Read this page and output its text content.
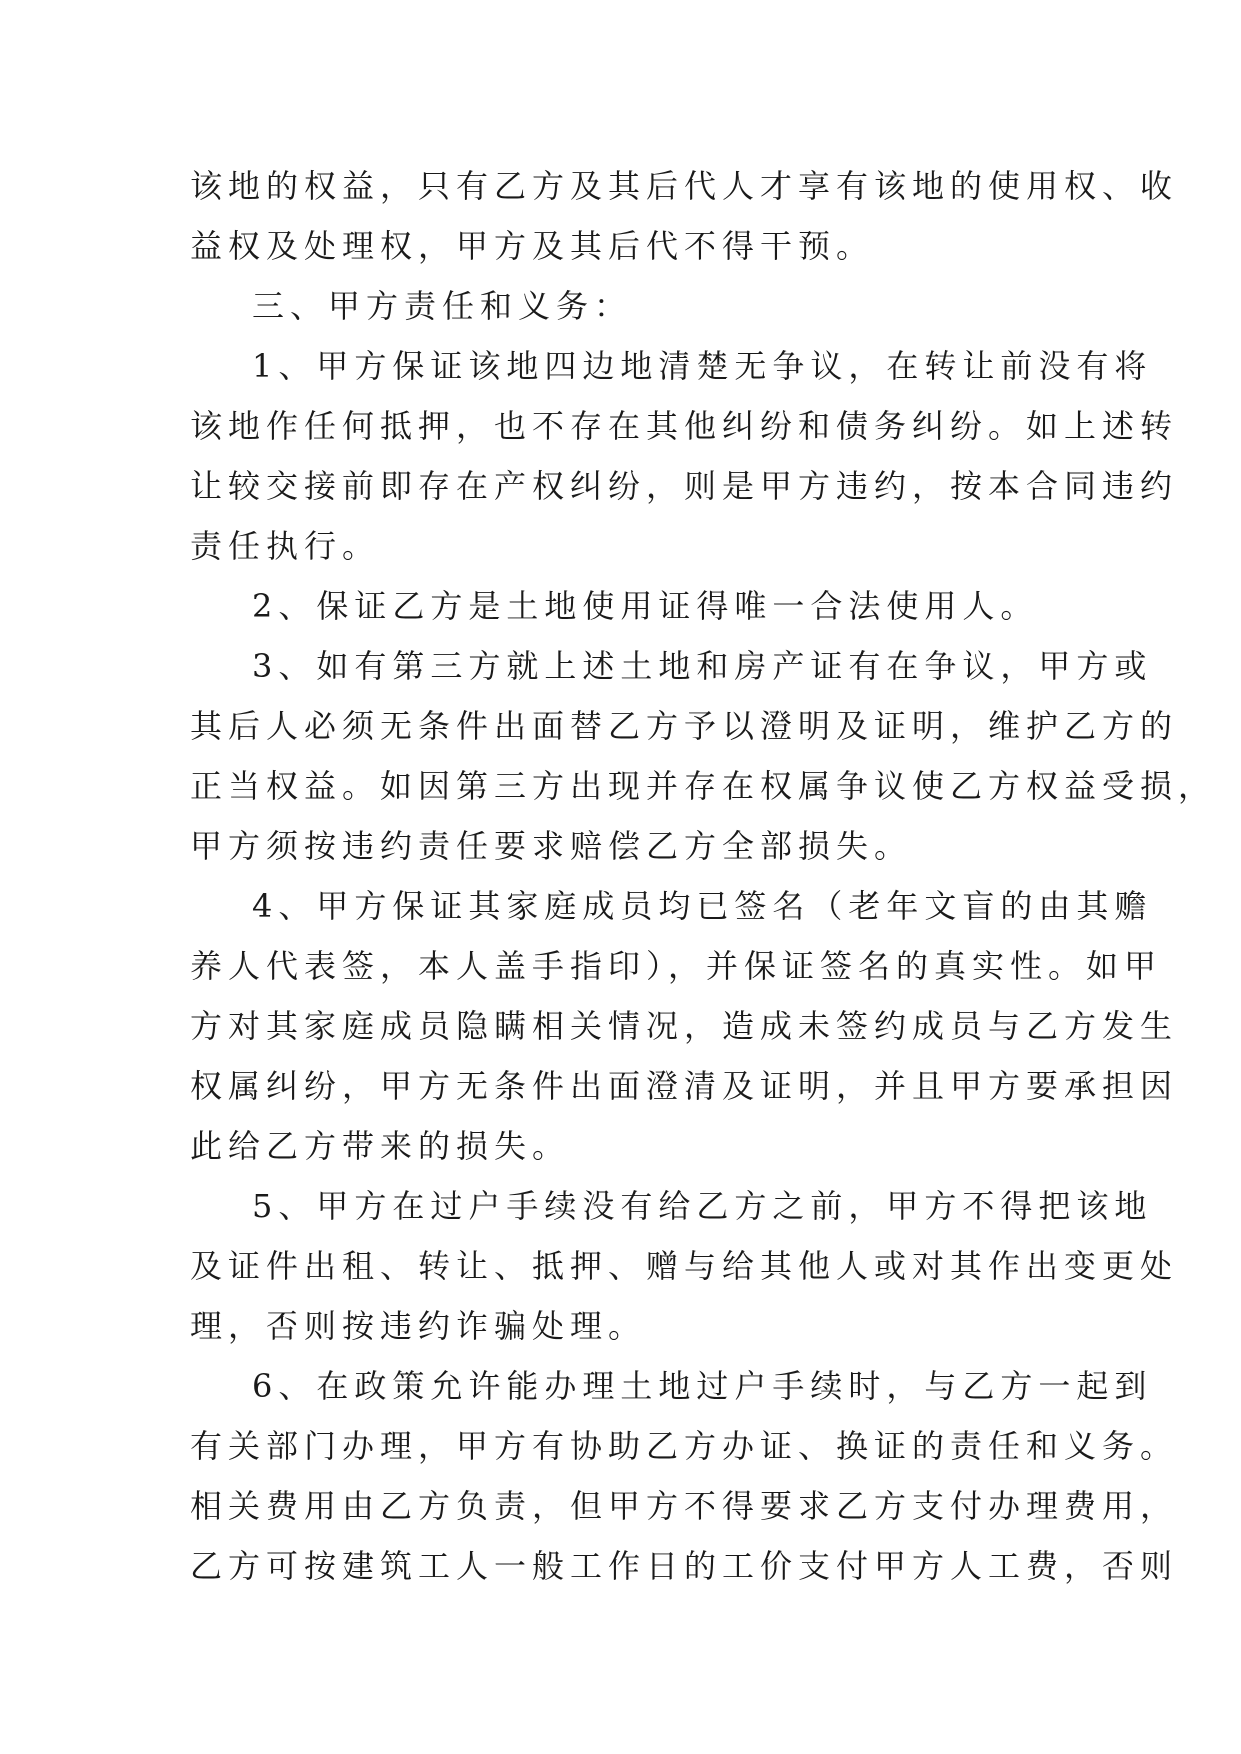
该地的权益，只有乙方及其后代人才享有该地的使用权、收
益权及处理权，甲方及其后代不得干预。
三、甲方责任和义务：
1、甲方保证该地四边地清楚无争议，在转让前没有将
该地作任何抵押，也不存在其他纠纷和债务纠纷。如上述转
让较交接前即存在产权纠纷，则是甲方违约，按本合同违约
责任执行。
2、保证乙方是土地使用证得唯一合法使用人。
3、如有第三方就上述土地和房产证有在争议，甲方或
其后人必须无条件出面替乙方予以澄明及证明，维护乙方的
正当权益。如因第三方出现并存在权属争议使乙方权益受损，
甲方须按违约责任要求赔偿乙方全部损失。
4、甲方保证其家庭成员均已签名（老年文盲的由其赡
养人代表签，本人盖手指印），并保证签名的真实性。如甲
方对其家庭成员隐瞒相关情况，造成未签约成员与乙方发生
权属纠纷，甲方无条件出面澄清及证明，并且甲方要承担因
此给乙方带来的损失。
5、甲方在过户手续没有给乙方之前，甲方不得把该地
及证件出租、转让、抵押、赠与给其他人或对其作出变更处
理，否则按违约诈骗处理。
6、在政策允许能办理土地过户手续时，与乙方一起到
有关部门办理，甲方有协助乙方办证、换证的责任和义务。
相关费用由乙方负责，但甲方不得要求乙方支付办理费用，
乙方可按建筑工人一般工作日的工价支付甲方人工费，否则
